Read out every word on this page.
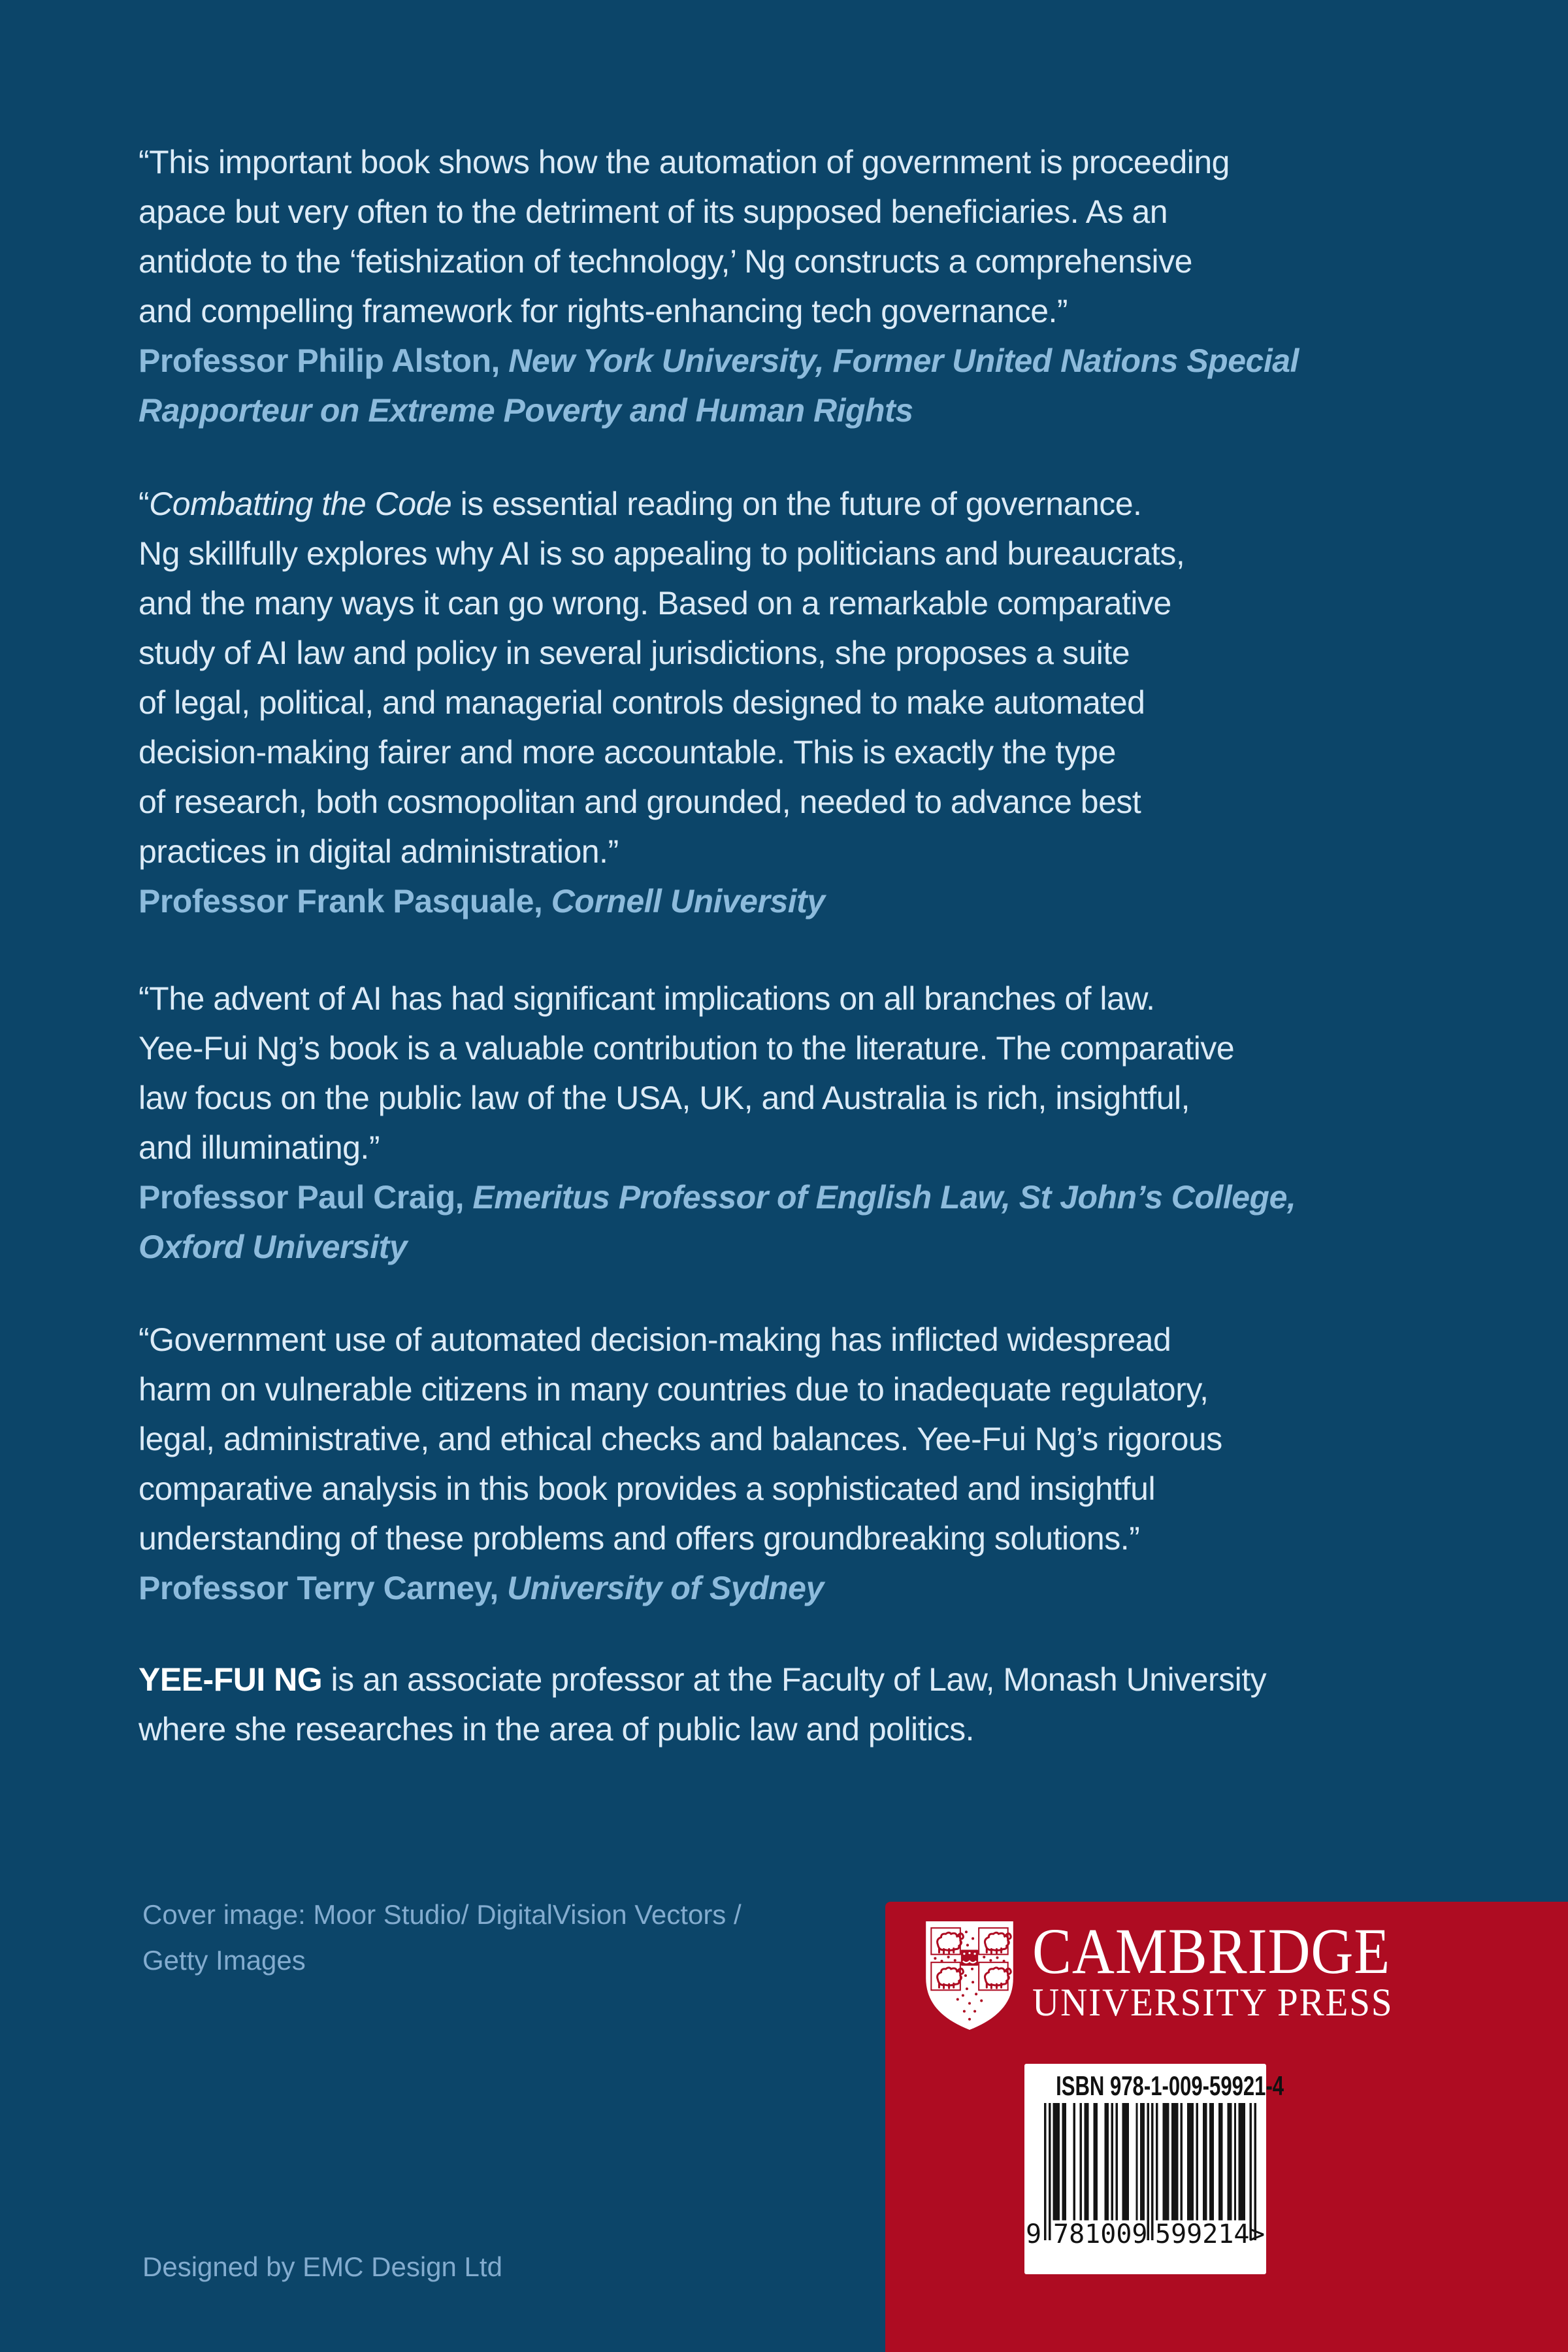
“This important book shows how the automation of government is proceeding
apace but very often to the detriment of its supposed beneficiaries. As an
antidote to the ‘fetishization of technology,’ Ng constructs a comprehensive
and compelling framework for rights-enhancing tech governance.”
Professor Philip Alston, New York University, Former United Nations Special
Rapporteur on Extreme Poverty and Human Rights
“Combatting the Code is essential reading on the future of governance.
Ng skillfully explores why AI is so appealing to politicians and bureaucrats,
and the many ways it can go wrong. Based on a remarkable comparative
study of AI law and policy in several jurisdictions, she proposes a suite
of legal, political, and managerial controls designed to make automated
decision-making fairer and more accountable. This is exactly the type
of research, both cosmopolitan and grounded, needed to advance best
practices in digital administration.”
Professor Frank Pasquale, Cornell University
“The advent of AI has had significant implications on all branches of law.
Yee-Fui Ng’s book is a valuable contribution to the literature. The comparative
law focus on the public law of the USA, UK, and Australia is rich, insightful,
and illuminating.”
Professor Paul Craig, Emeritus Professor of English Law, St John’s College,
Oxford University
“Government use of automated decision-making has inflicted widespread
harm on vulnerable citizens in many countries due to inadequate regulatory,
legal, administrative, and ethical checks and balances. Yee-Fui Ng’s rigorous
comparative analysis in this book provides a sophisticated and insightful
understanding of these problems and offers groundbreaking solutions.”
Professor Terry Carney, University of Sydney
YEE-FUI NG is an associate professor at the Faculty of Law, Monash University
where she researches in the area of public law and politics.
Cover image: Moor Studio/ DigitalVision Vectors /
Getty Images
Designed by EMC Design Ltd
CAMBRIDGE
UNIVERSITY PRESS
ISBN 978-1-009-59921-4
9 781009 599214 >
